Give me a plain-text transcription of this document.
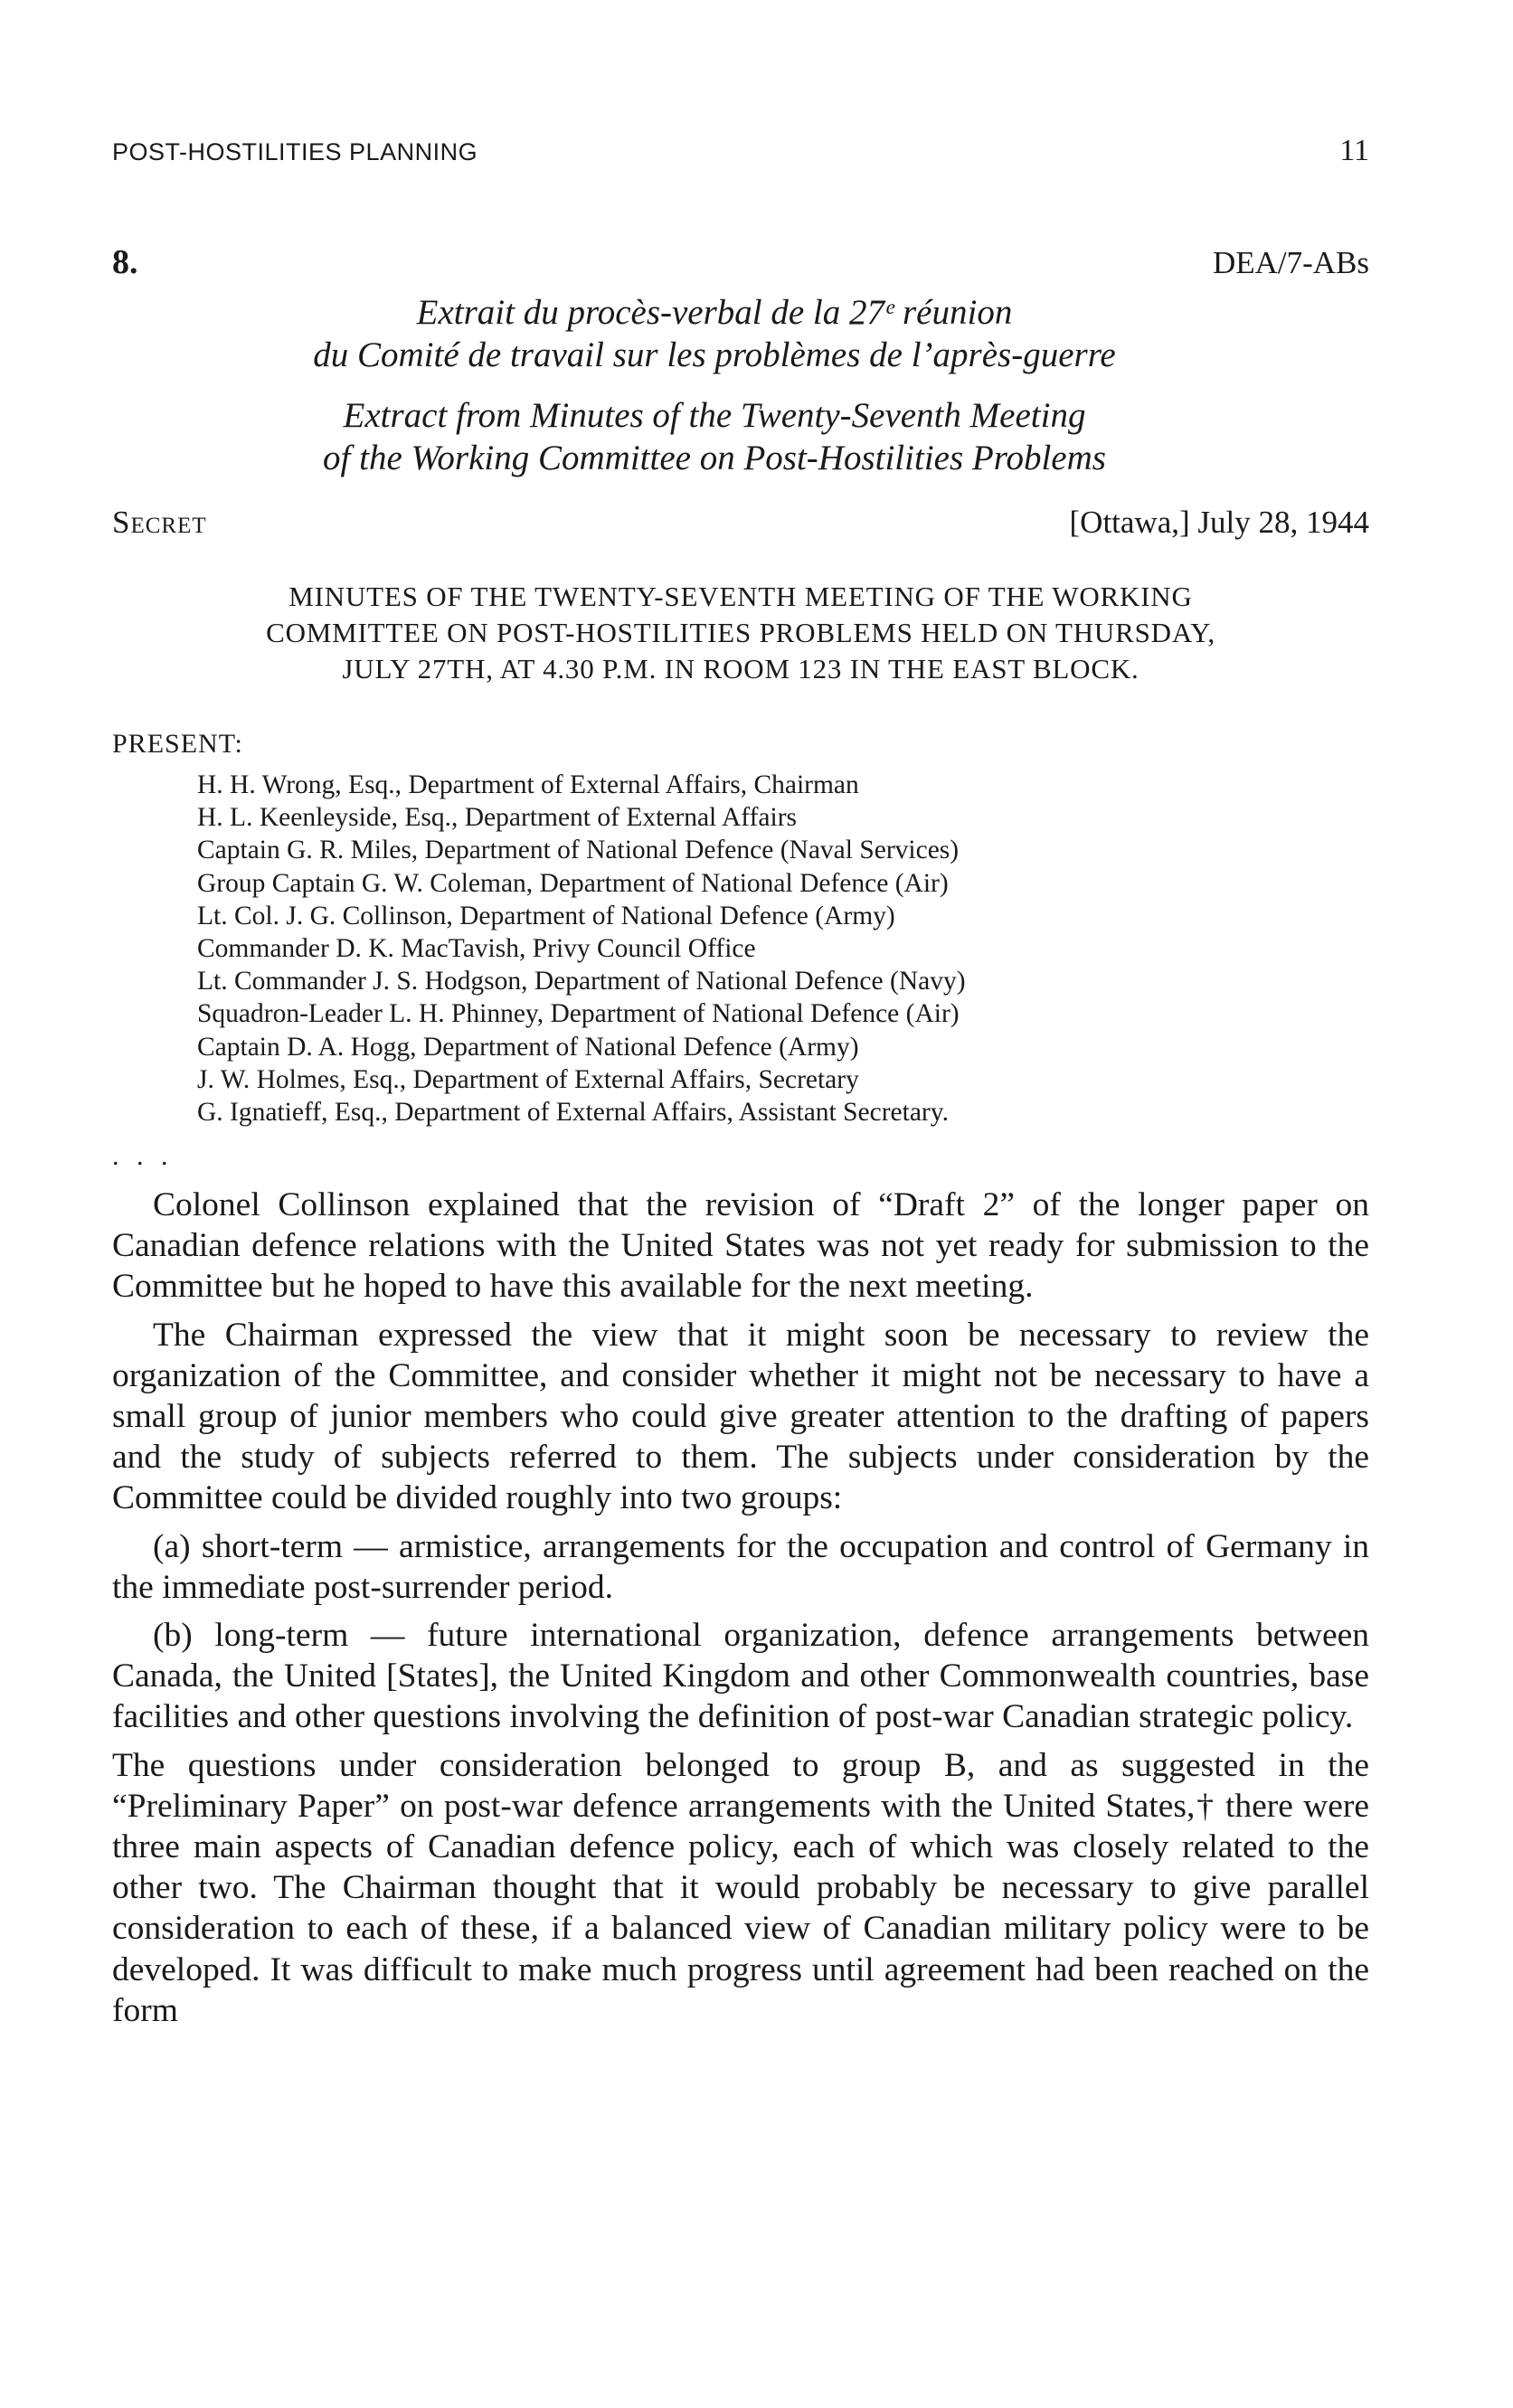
POST-HOSTILITIES PLANNING	11
8.	DEA/7-ABs
Extrait du procès-verbal de la 27ᵉ réunion
du Comité de travail sur les problèmes de l’après-guerre
Extract from Minutes of the Twenty-Seventh Meeting
of the Working Committee on Post-Hostilities Problems
Secret	[Ottawa,] July 28, 1944
MINUTES OF THE TWENTY-SEVENTH MEETING OF THE WORKING
COMMITTEE ON POST-HOSTILITIES PROBLEMS HELD ON THURSDAY,
JULY 27TH, AT 4.30 P.M. IN ROOM 123 IN THE EAST BLOCK.
PRESENT:
H. H. Wrong, Esq., Department of External Affairs, Chairman
H. L. Keenleyside, Esq., Department of External Affairs
Captain G. R. Miles, Department of National Defence (Naval Services)
Group Captain G. W. Coleman, Department of National Defence (Air)
Lt. Col. J. G. Collinson, Department of National Defence (Army)
Commander D. K. MacTavish, Privy Council Office
Lt. Commander J. S. Hodgson, Department of National Defence (Navy)
Squadron-Leader L. H. Phinney, Department of National Defence (Air)
Captain D. A. Hogg, Department of National Defence (Army)
J. W. Holmes, Esq., Department of External Affairs, Secretary
G. Ignatieff, Esq., Department of External Affairs, Assistant Secretary.
. . .

Colonel Collinson explained that the revision of “Draft 2” of the longer paper on Canadian defence relations with the United States was not yet ready for submission to the Committee but he hoped to have this available for the next meeting.

The Chairman expressed the view that it might soon be necessary to review the organization of the Committee, and consider whether it might not be necessary to have a small group of junior members who could give greater attention to the drafting of papers and the study of subjects referred to them. The subjects under consideration by the Committee could be divided roughly into two groups:

(a) short-term — armistice, arrangements for the occupation and control of Germany in the immediate post-surrender period.

(b) long-term — future international organization, defence arrangements between Canada, the United [States], the United Kingdom and other Commonwealth countries, base facilities and other questions involving the definition of post-war Canadian strategic policy.

The questions under consideration belonged to group B, and as suggested in the “Preliminary Paper” on post-war defence arrangements with the United States,† there were three main aspects of Canadian defence policy, each of which was closely related to the other two. The Chairman thought that it would probably be necessary to give parallel consideration to each of these, if a balanced view of Canadian military policy were to be developed. It was difficult to make much progress until agreement had been reached on the form
